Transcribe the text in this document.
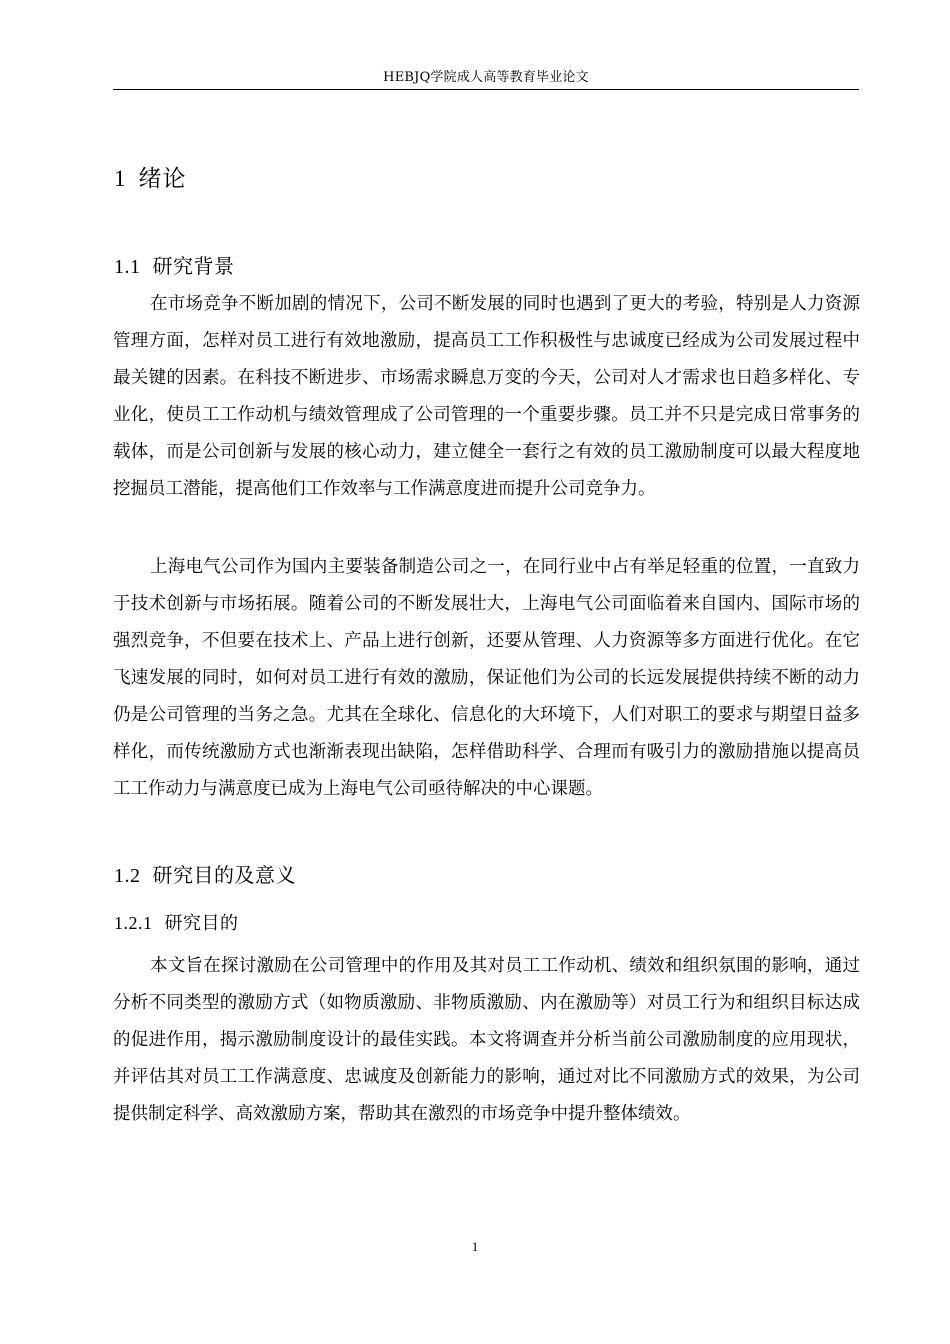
HEBJQ学院成人高等教育毕业论文
1 绪论
1.1 研究背景

在市场竞争不断加剧的情况下，公司不断发展的同时也遇到了更大的考验，特别是人力资源管理方面，怎样对员工进行有效地激励，提高员工工作积极性与忠诚度已经成为公司发展过程中最关键的因素。在科技不断进步、市场需求瞬息万变的今天，公司对人才需求也日趋多样化、专业化，使员工工作动机与绩效管理成了公司管理的一个重要步骤。员工并不只是完成日常事务的载体，而是公司创新与发展的核心动力，建立健全一套行之有效的员工激励制度可以最大程度地挖掘员工潜能，提高他们工作效率与工作满意度进而提升公司竞争力。

上海电气公司作为国内主要装备制造公司之一，在同行业中占有举足轻重的位置，一直致力于技术创新与市场拓展。随着公司的不断发展壮大，上海电气公司面临着来自国内、国际市场的强烈竞争，不但要在技术上、产品上进行创新，还要从管理、人力资源等多方面进行优化。在它飞速发展的同时，如何对员工进行有效的激励，保证他们为公司的长远发展提供持续不断的动力仍是公司管理的当务之急。尤其在全球化、信息化的大环境下，人们对职工的要求与期望日益多样化，而传统激励方式也渐渐表现出缺陷，怎样借助科学、合理而有吸引力的激励措施以提高员工工作动力与满意度已成为上海电气公司亟待解决的中心课题。

1.2 研究目的及意义
1.2.1 研究目的

本文旨在探讨激励在公司管理中的作用及其对员工工作动机、绩效和组织氛围的影响，通过分析不同类型的激励方式（如物质激励、非物质激励、内在激励等）对员工行为和组织目标达成的促进作用，揭示激励制度设计的最佳实践。本文将调查并分析当前公司激励制度的应用现状，并评估其对员工工作满意度、忠诚度及创新能力的影响，通过对比不同激励方式的效果，为公司提供制定科学、高效激励方案，帮助其在激烈的市场竞争中提升整体绩效。

1
